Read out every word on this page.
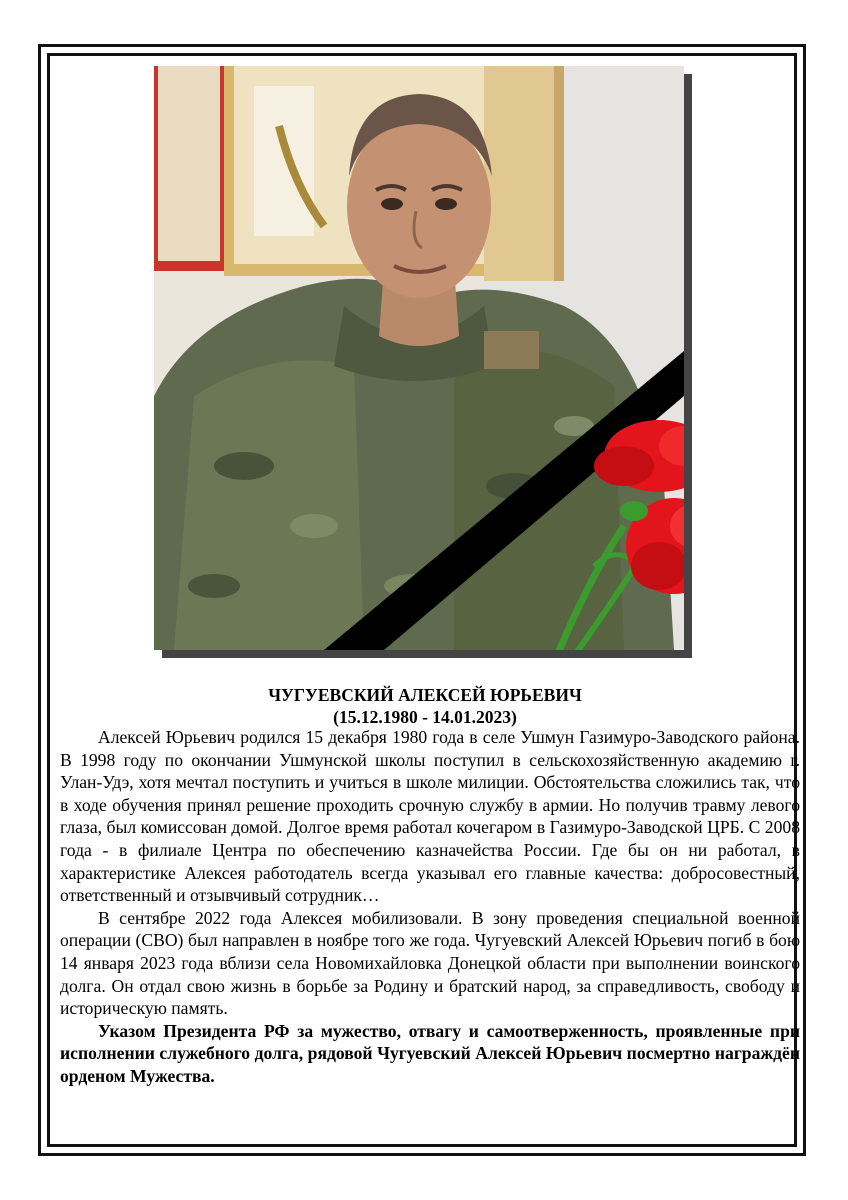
ЧУГУЕВСКИЙ АЛЕКСЕЙ ЮРЬЕВИЧ
(15.12.1980 - 14.01.2023)

Алексей Юрьевич родился 15 декабря 1980 года в селе Ушмун Газимуро-Заводского района. В 1998 году по окончании Ушмунской школы поступил в сельскохозяйственную академию г. Улан-Удэ, хотя мечтал поступить и учиться в школе милиции. Обстоятельства сложились так, что в ходе обучения принял решение проходить срочную службу в армии. Но получив травму левого глаза, был комиссован домой. Долгое время работал кочегаром в Газимуро-Заводской ЦРБ. С 2008 года - в филиале Центра по обеспечению казначейства России. Где бы он ни работал, в характеристике Алексея работодатель всегда указывал его главные качества: добросовестный, ответственный и отзывчивый сотрудник…

В сентябре 2022 года Алексея мобилизовали. В зону проведения специальной военной операции (СВО) был направлен в ноябре того же года. Чугуевский Алексей Юрьевич погиб в бою 14 января 2023 года вблизи села Новомихайловка Донецкой области при выполнении воинского долга. Он отдал свою жизнь в борьбе за Родину и братский народ, за справедливость, свободу и историческую память.

Указом Президента РФ за мужество, отвагу и самоотверженность, проявленные при исполнении служебного долга, рядовой Чугуевский Алексей Юрьевич посмертно награждён орденом Мужества.
